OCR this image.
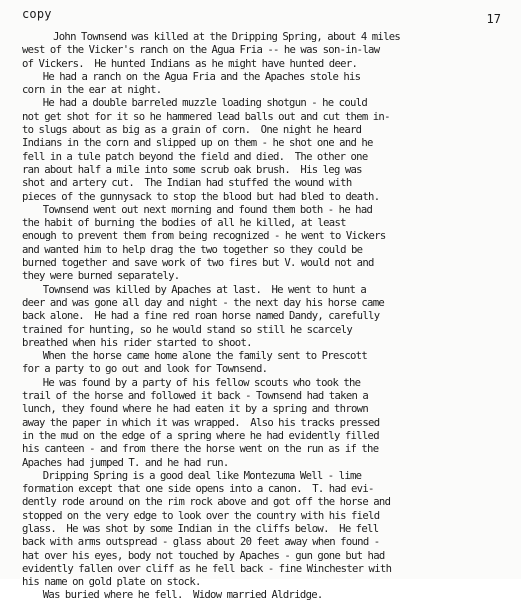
copy	17
John Townsend was killed at the Dripping Spring, about 4 miles
west of the Vicker's ranch on the Agua Fria -- he was son-in-law
of Vickers.  He hunted Indians as he might have hunted deer.
He had a ranch on the Agua Fria and the Apaches stole his
corn in the ear at night.
He had a double barreled muzzle loading shotgun - he could
not get shot for it so he hammered lead balls out and cut them in-
to slugs about as big as a grain of corn.  One night he heard
Indians in the corn and slipped up on them - he shot one and he
fell in a tule patch beyond the field and died.  The other one
ran about half a mile into some scrub oak brush.  His leg was
shot and artery cut.  The Indian had stuffed the wound with
pieces of the gunnysack to stop the blood but had bled to death.
Townsend went out next morning and found them both - he had
the habit of burning the bodies of all he killed, at least
enough to prevent them from being recognized - he went to Vickers
and wanted him to help drag the two together so they could be
burned together and save work of two fires but V. would not and
they were burned separately.
Townsend was killed by Apaches at last.  He went to hunt a
deer and was gone all day and night - the next day his horse came
back alone.  He had a fine red roan horse named Dandy, carefully
trained for hunting, so he would stand so still he scarcely
breathed when his rider started to shoot.
When the horse came home alone the family sent to Prescott
for a party to go out and look for Townsend.
He was found by a party of his fellow scouts who took the
trail of the horse and followed it back - Townsend had taken a
lunch, they found where he had eaten it by a spring and thrown
away the paper in which it was wrapped.  Also his tracks pressed
in the mud on the edge of a spring where he had evidently filled
his canteen - and from there the horse went on the run as if the
Apaches had jumped T. and he had run.
Dripping Spring is a good deal like Montezuma Well - lime
formation except that one side opens into a canon.  T. had evi-
dently rode around on the rim rock above and got off the horse and
stopped on the very edge to look over the country with his field
glass.  He was shot by some Indian in the cliffs below.  He fell
back with arms outspread - glass about 20 feet away when found -
hat over his eyes, body not touched by Apaches - gun gone but had
evidently fallen over cliff as he fell back - fine Winchester with
his name on gold plate on stock.
Was buried where he fell.  Widow married Aldridge.
